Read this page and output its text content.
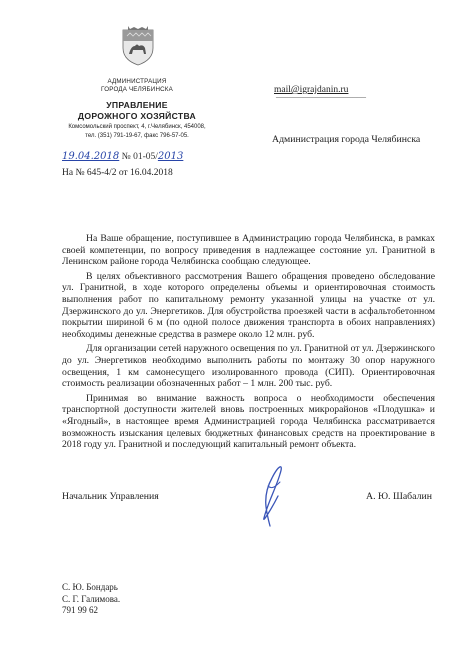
АДМИНИСТРАЦИЯ
ГОРОДА ЧЕЛЯБИНСКА
УПРАВЛЕНИЕ
ДОРОЖНОГО ХОЗЯЙСТВА
Комсомольский проспект, 4, г.Челябинск, 454008,
тел. (351) 791-19-67, факс 796-57-05.
19.04.2018 № 01-05/2013
На № 645-4/2 от 16.04.2018
mail@igrajdanin.ru
––––––––––––––––––––
Администрация города Челябинска

На Ваше обращение, поступившее в Администрацию города Челябинска, в рамках своей компетенции, по вопросу приведения в надлежащее состояние ул. Гранитной в Ленинском районе города Челябинска сообщаю следующее.

В целях объективного рассмотрения Вашего обращения проведено обследование ул. Гранитной, в ходе которого определены объемы и ориентировочная стоимость выполнения работ по капитальному ремонту указанной улицы на участке от ул. Дзержинского до ул. Энергетиков. Для обустройства проезжей части в асфальтобетонном покрытии шириной 6 м (по одной полосе движения транспорта в обоих направлениях) необходимы денежные средства в размере около 12 млн. руб.

Для организации сетей наружного освещения по ул. Гранитной от ул. Дзержинского до ул. Энергетиков необходимо выполнить работы по монтажу 30 опор наружного освещения, 1 км самонесущего изолированного провода (СИП). Ориентировочная стоимость реализации обозначенных работ – 1 млн. 200 тыс. руб.

Принимая во внимание важность вопроса о необходимости обеспечения транспортной доступности жителей вновь построенных микрорайонов «Плодушка» и «Ягодный», в настоящее время Администрацией города Челябинска рассматривается возможность изыскания целевых бюджетных финансовых средств на проектирование в 2018 году ул. Гранитной и последующий капитальный ремонт объекта.

Начальник Управления	А. Ю. Шабалин
С. Ю. Бондарь
С. Г. Галимова.
791 99 62
